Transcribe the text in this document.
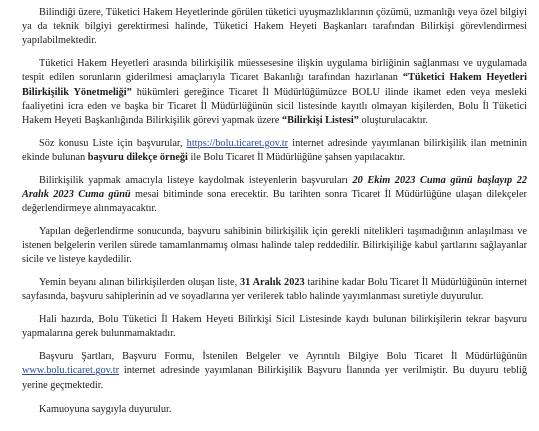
Bilindiği üzere, Tüketici Hakem Heyetlerinde görülen tüketici uyuşmazlıklarının çözümü, uzmanlığı veya özel bilgiyi ya da teknik bilgiyi gerektirmesi halinde, Tüketici Hakem Heyeti Başkanları tarafından Bilirkişi görevlendirmesi yapılabilmektedir.

Tüketici Hakem Heyetleri arasında bilirkişilik müessesesine ilişkin uygulama birliğinin sağlanması ve uygulamada tespit edilen sorunların giderilmesi amaçlarıyla Ticaret Bakanlığı tarafından hazırlanan “Tüketici Hakem Heyetleri Bilirkişilik Yönetmeliği” hükümleri gereğince Ticaret İl Müdürlüğümüzce BOLU ilinde ikamet eden veya mesleki faaliyetini icra eden ve başka bir Ticaret İl Müdürlüğünün sicil listesinde kayıtlı olmayan kişilerden, Bolu İl Tüketici Hakem Heyeti Başkanlığında Bilirkişilik görevi yapmak üzere “Bilirkişi Listesi” oluşturulacaktır.

Söz konusu Liste için başvurular, https://bolu.ticaret.gov.tr internet adresinde yayımlanan bilirkişilik ilan metninin ekinde bulunan başvuru dilekçe örneği ile Bolu Ticaret İl Müdürlüğüne şahsen yapılacaktır.

Bilirkişilik yapmak amacıyla listeye kaydolmak isteyenlerin başvuruları 20 Ekim 2023 Cuma günü başlayıp 22 Aralık 2023 Cuma günü mesai bitiminde sona erecektir. Bu tarihten sonra Ticaret İl Müdürlüğüne ulaşan dilekçeler değerlendirmeye alınmayacaktır.

Yapılan değerlendirme sonucunda, başvuru sahibinin bilirkişilik için gerekli nitelikleri taşımadığının anlaşılması ve istenen belgelerin verilen sürede tamamlanmamış olması halinde talep reddedilir. Bilirkişiliğe kabul şartlarını sağlayanlar sicile ve listeye kaydedilir.

Yemin beyanı alınan bilirkişilerden oluşan liste, 31 Aralık 2023 tarihine kadar Bolu Ticaret İl Müdürlüğünün internet sayfasında, başvuru sahiplerinin ad ve soyadlarına yer verilerek tablo halinde yayımlanması suretiyle duyurulur.

Hali hazırda, Bolu Tüketici İl Hakem Heyeti Bilirkişi Sicil Listesinde kaydı bulunan bilirkişilerin tekrar başvuru yapmalarına gerek bulunmamaktadır.

Başvuru Şartları, Başvuru Formu, İstenilen Belgeler ve Ayrıntılı Bilgiye Bolu Ticaret İl Müdürlüğünün www.bolu.ticaret.gov.tr internet adresinde yayımlanan Bilirkişilik Başvuru İlanında yer verilmiştir. Bu duyuru tebliğ yerine geçmektedir.

Kamuoyuna saygıyla duyurulur.
